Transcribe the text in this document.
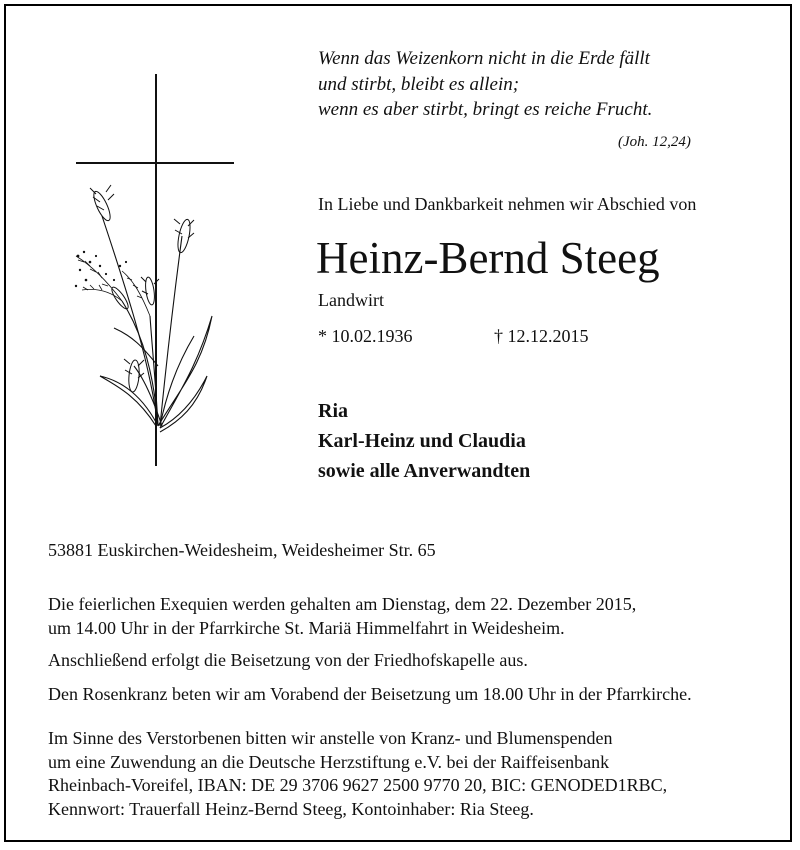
Wenn das Weizenkorn nicht in die Erde fällt
und stirbt, bleibt es allein;
wenn es aber stirbt, bringt es reiche Frucht.
(Joh. 12,24)
In Liebe und Dankbarkeit nehmen wir Abschied von
Heinz-Bernd Steeg
Landwirt
* 10.02.1936	† 12.12.2015
Ria
Karl-Heinz und Claudia
sowie alle Anverwandten
53881 Euskirchen-Weidesheim, Weidesheimer Str. 65
Die feierlichen Exequien werden gehalten am Dienstag, dem 22. Dezember 2015,
um 14.00 Uhr in der Pfarrkirche St. Mariä Himmelfahrt in Weidesheim.
Anschließend erfolgt die Beisetzung von der Friedhofskapelle aus.
Den Rosenkranz beten wir am Vorabend der Beisetzung um 18.00 Uhr in der Pfarrkirche.
Im Sinne des Verstorbenen bitten wir anstelle von Kranz- und Blumenspenden
um eine Zuwendung an die Deutsche Herzstiftung e.V. bei der Raiffeisenbank
Rheinbach-Voreifel, IBAN: DE 29 3706 9627 2500 9770 20, BIC: GENODED1RBC,
Kennwort: Trauerfall Heinz-Bernd Steeg, Kontoinhaber: Ria Steeg.
